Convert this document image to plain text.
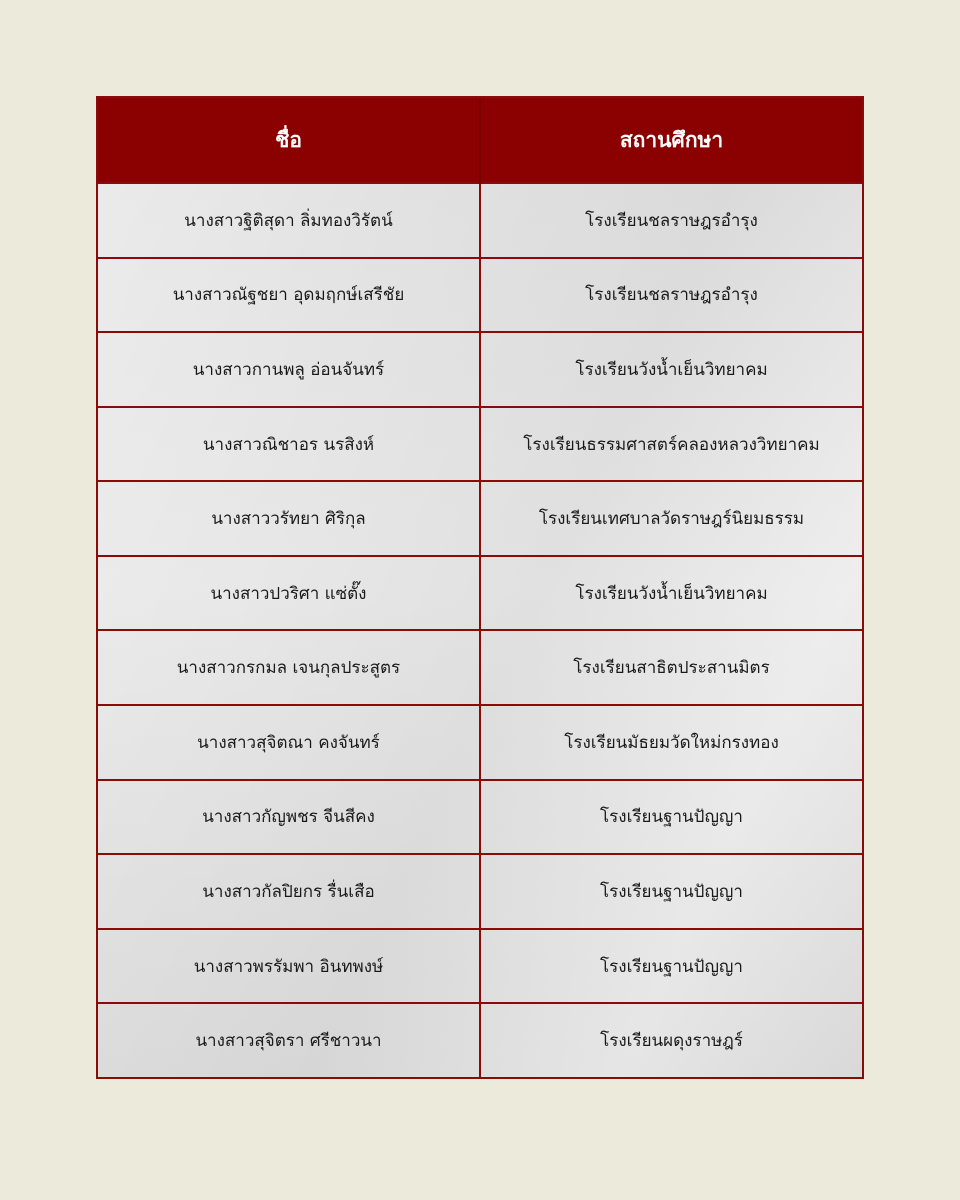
ชื่อ	สถานศึกษา
นางสาวฐิติสุดา ลิ่มทองวิรัตน์	โรงเรียนชลราษฎรอำรุง
นางสาวณัฐชยา อุดมฤกษ์เสรีชัย	โรงเรียนชลราษฎรอำรุง
นางสาวกานพลู อ่อนจันทร์	โรงเรียนวังน้ำเย็นวิทยาคม
นางสาวณิชาอร นรสิงห์	โรงเรียนธรรมศาสตร์คลองหลวงวิทยาคม
นางสาววรัทยา ศิริกุล	โรงเรียนเทศบาลวัดราษฎร์นิยมธรรม
นางสาวปวริศา แซ่ตั๊ง	โรงเรียนวังน้ำเย็นวิทยาคม
นางสาวกรกมล เจนกุลประสูตร	โรงเรียนสาธิตประสานมิตร
นางสาวสุจิตณา คงจันทร์	โรงเรียนมัธยมวัดใหม่กรงทอง
นางสาวกัญพชร จีนสีคง	โรงเรียนฐานปัญญา
นางสาวกัลปิยกร รื่นเสือ	โรงเรียนฐานปัญญา
นางสาวพรรัมพา อินทพงษ์	โรงเรียนฐานปัญญา
นางสาวสุจิตรา ศรีชาวนา	โรงเรียนผดุงราษฎร์
